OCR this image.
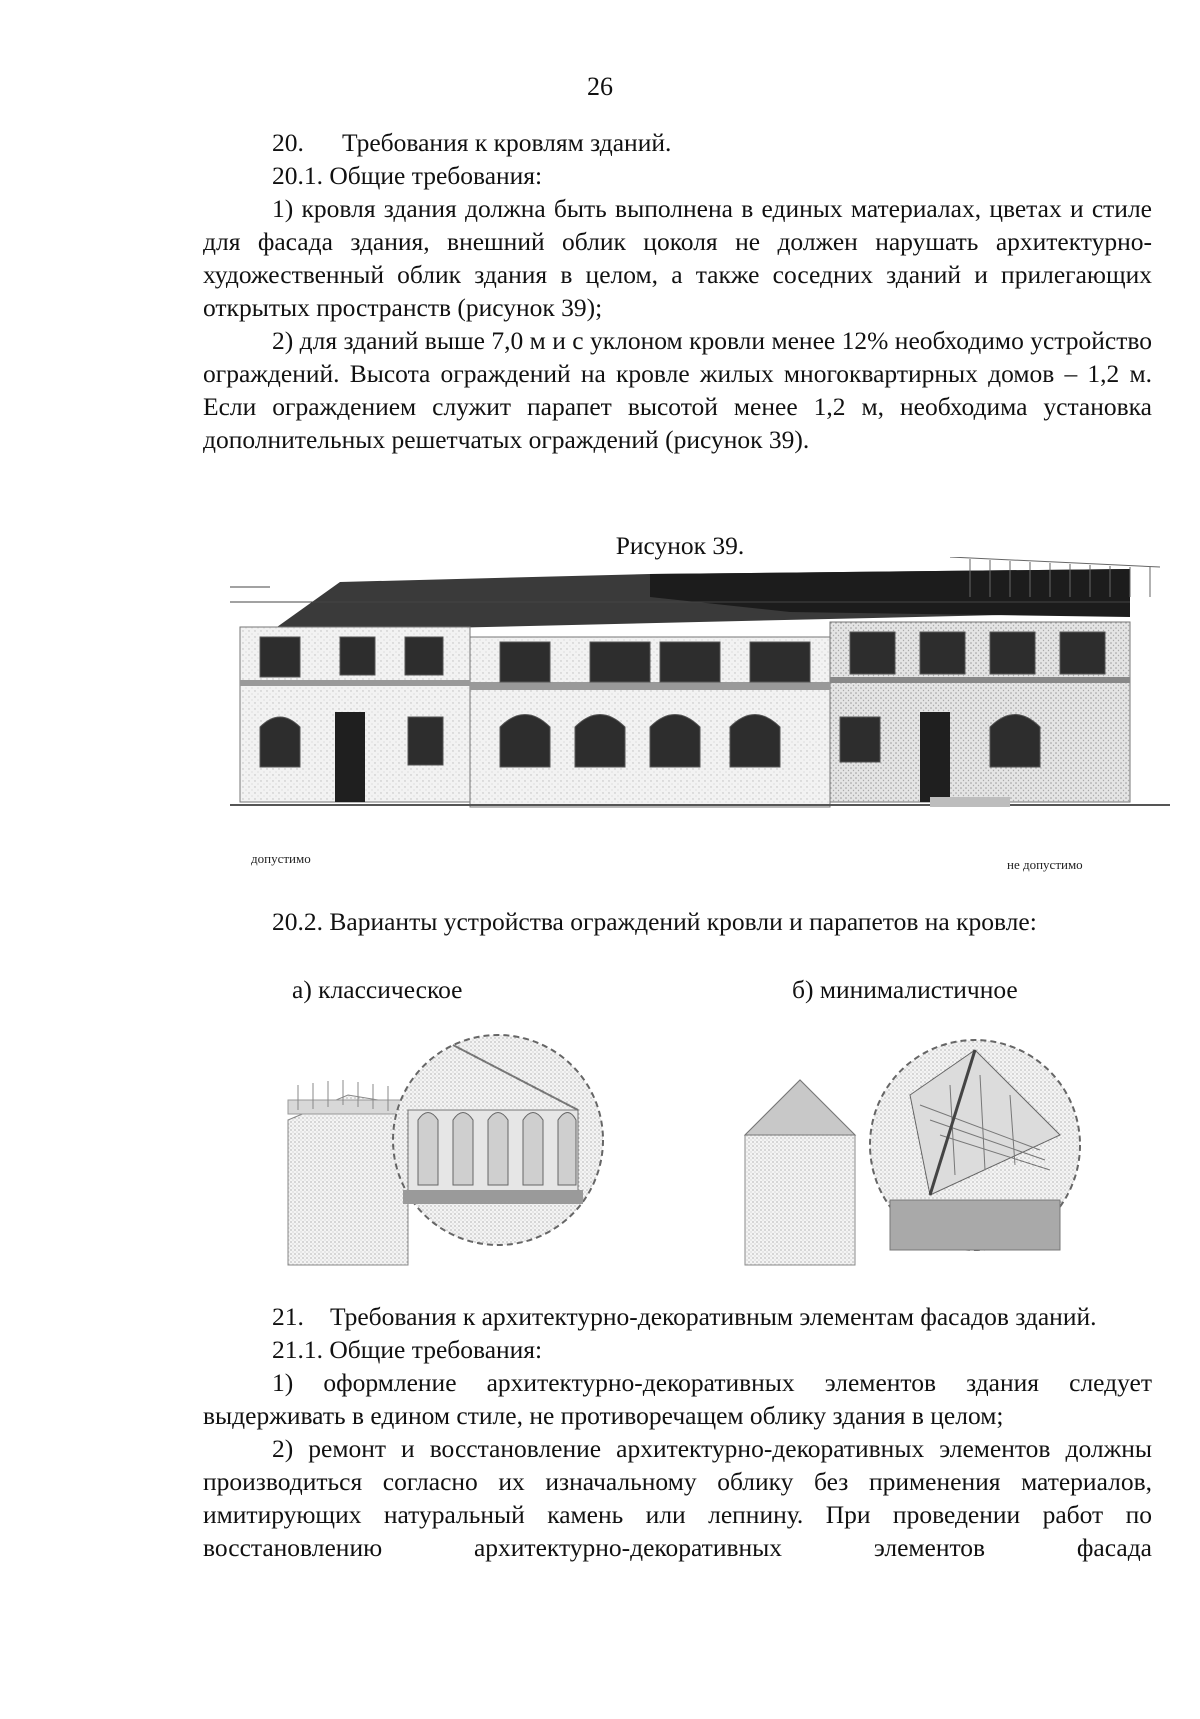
26
20.	Требования к кровлям зданий.

20.1. Общие требования:

1) кровля здания должна быть выполнена в единых материалах, цветах и стиле для фасада здания, внешний облик цоколя не должен нарушать архитектурно-художественный облик здания в целом, а также соседних зданий и прилегающих открытых пространств (рисунок 39);

2) для зданий выше 7,0 м и с уклоном кровли менее 12% необходимо устройство ограждений. Высота ограждений на кровле жилых многоквартирных домов – 1,2 м. Если ограждением служит парапет высотой менее 1,2 м, необходима установка дополнительных решетчатых ограждений (рисунок 39).

Рисунок 39.
допустимо	не допустимо

20.2. Варианты устройства ограждений кровли и парапетов на кровле:

а) классическое	б) минималистичное

21. Требования к архитектурно-декоративным элементам фасадов зданий.

21.1. Общие требования:

1) оформление архитектурно-декоративных элементов здания следует выдерживать в едином стиле, не противоречащем облику здания в целом;

2) ремонт и восстановление архитектурно-декоративных элементов должны производиться согласно их изначальному облику без применения материалов, имитирующих натуральный камень или лепнину. При проведении работ по восстановлению архитектурно-декоративных элементов фасада
